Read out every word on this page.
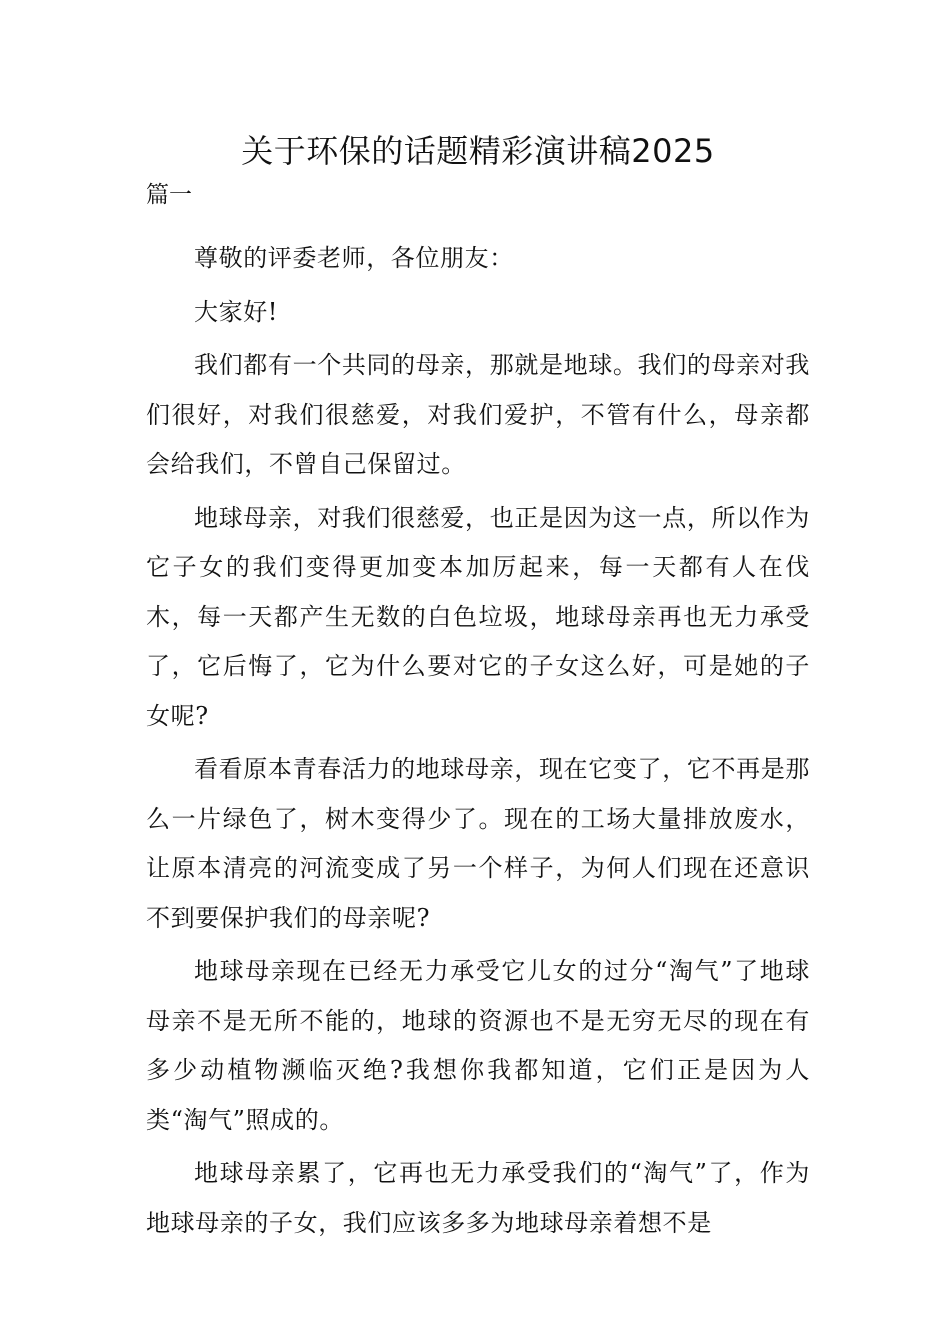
关于环保的话题精彩演讲稿2025
篇一

尊敬的评委老师，各位朋友：

大家好!

我们都有一个共同的母亲，那就是地球。我们的母亲对我们很好，对我们很慈爱，对我们爱护，不管有什么，母亲都会给我们，不曾自己保留过。

地球母亲，对我们很慈爱，也正是因为这一点，所以作为它子女的我们变得更加变本加厉起来，每一天都有人在伐木，每一天都产生无数的白色垃圾，地球母亲再也无力承受了，它后悔了，它为什么要对它的子女这么好，可是她的子女呢?

看看原本青春活力的地球母亲，现在它变了，它不再是那么一片绿色了，树木变得少了。现在的工场大量排放废水，让原本清亮的河流变成了另一个样子，为何人们现在还意识不到要保护我们的母亲呢?

地球母亲现在已经无力承受它儿女的过分“淘气”了地球母亲不是无所不能的，地球的资源也不是无穷无尽的现在有多少动植物濒临灭绝?我想你我都知道，它们正是因为人类“淘气”照成的。

地球母亲累了，它再也无力承受我们的“淘气”了，作为地球母亲的子女，我们应该多多为地球母亲着想不是
